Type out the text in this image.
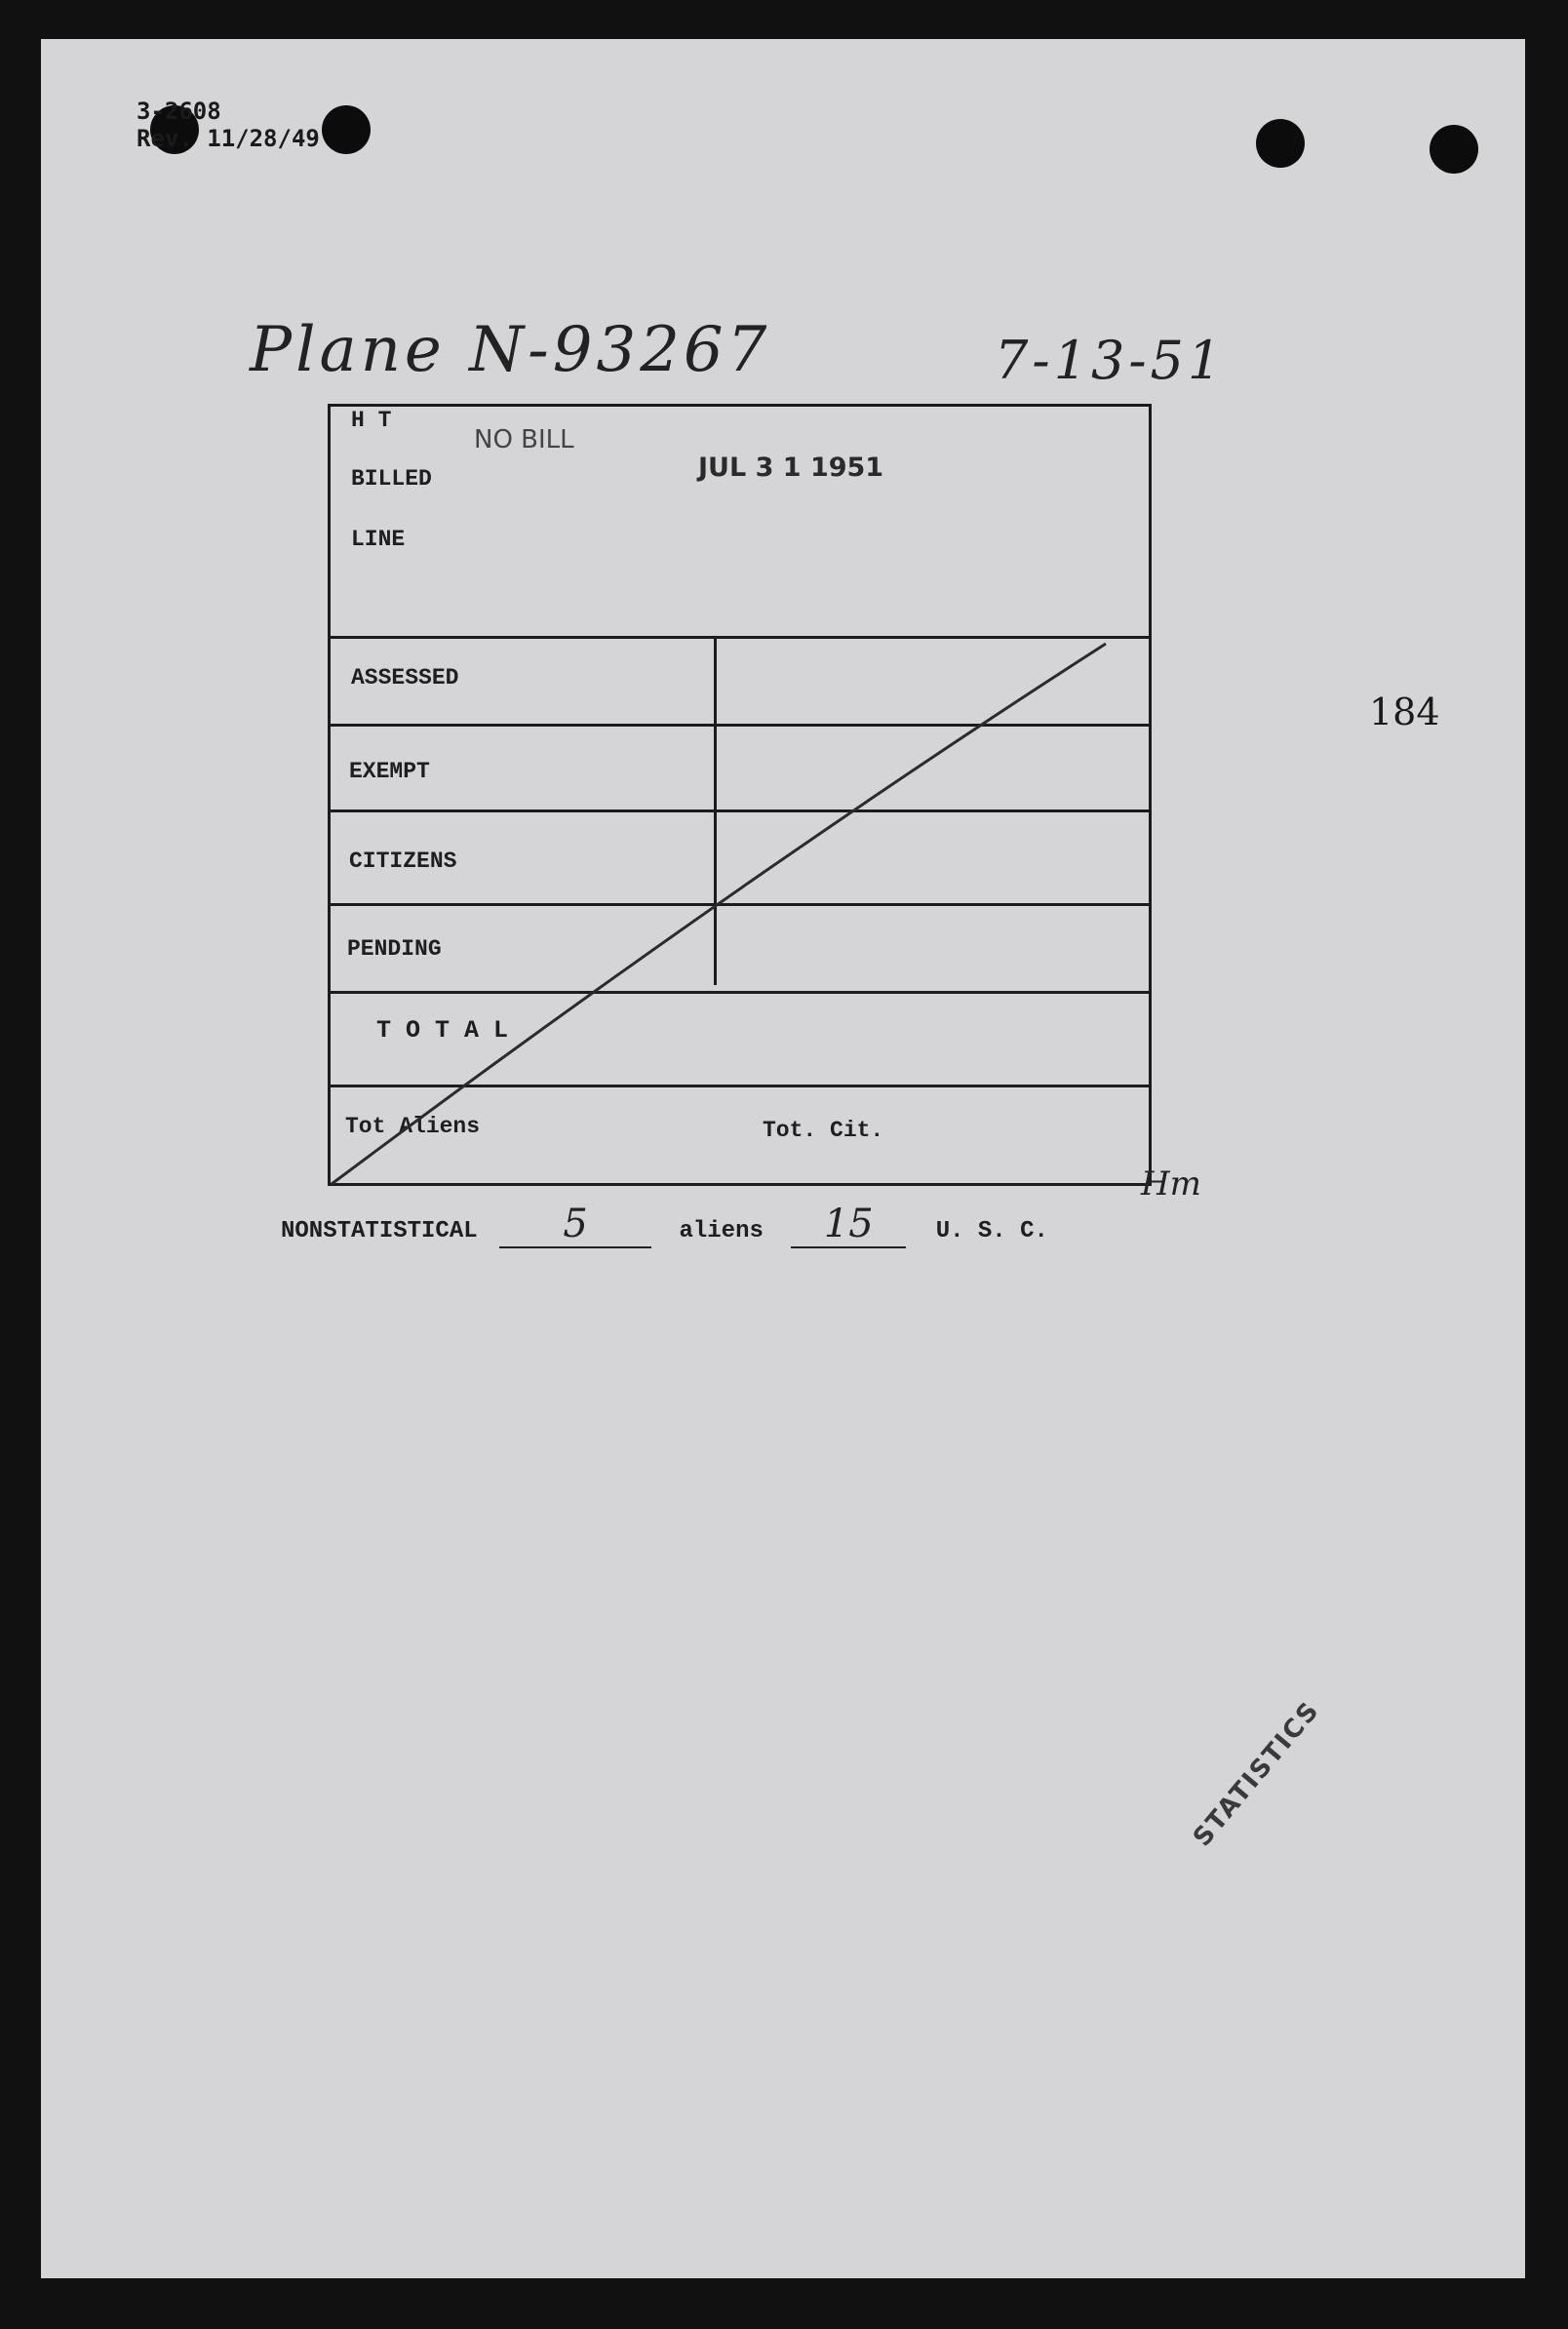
3-2608
Rev. 11/28/49
Plane N-93267	7-13-51
184
NO BILL
JUL 3 1 1951
H T
BILLED
LINE
ASSESSED
EXEMPT
CITIZENS
PENDING
T O T A L
Tot Aliens	Tot. Cit.
Hm
NONSTATISTICAL 5	aliens 15	U. S. C.
STATISTICS
